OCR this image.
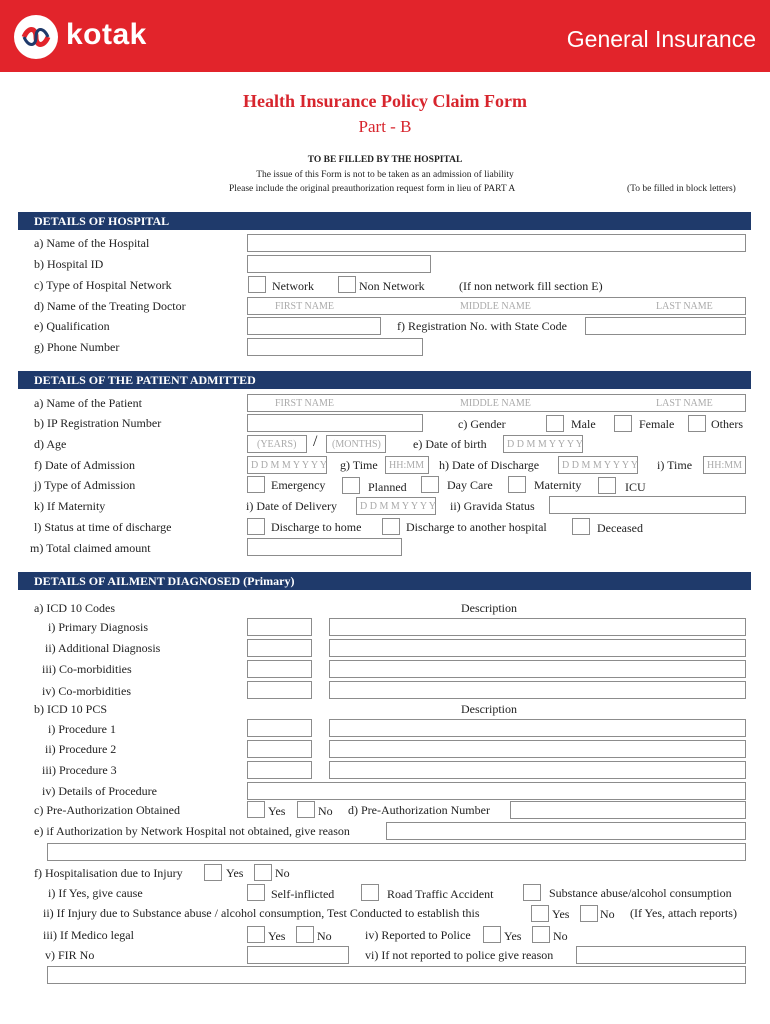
kotak	General Insurance
Health Insurance Policy Claim Form
Part - B
TO BE FILLED BY THE HOSPITAL
The issue of this Form is not to be taken as an admission of liability
Please include the original preauthorization request form in lieu of PART A	(To be filled in block letters)
DETAILS OF HOSPITAL
a) Name of the Hospital
b) Hospital ID
c) Type of Hospital Network	Network	Non Network	(If non network fill section E)
d) Name of the Treating Doctor	FIRST NAME	MIDDLE NAME	LAST NAME
e) Qualification	f) Registration No. with State Code
g) Phone Number
DETAILS OF THE PATIENT ADMITTED
a) Name of the Patient	FIRST NAME	MIDDLE NAME	LAST NAME
b) IP Registration Number	c) Gender	Male	Female	Others
d) Age	(YEARS) / (MONTHS)	e) Date of birth D D M M Y Y Y Y
f) Date of Admission	D D M M Y Y Y Y g) Time HH:MM h) Date of Discharge D D M M Y Y Y Y i) Time HH:MM
j) Type of Admission	Emergency	Planned	Day Care	Maternity	ICU
k) If Maternity	i) Date of Delivery D D M M Y Y Y Y ii) Gravida Status
l) Status at time of discharge	Discharge to home	Discharge to another hospital	Deceased
m) Total claimed amount
DETAILS OF AILMENT DIAGNOSED (Primary)
a) ICD 10 Codes	Description
i) Primary Diagnosis
ii) Additional Diagnosis
iii) Co-morbidities
iv) Co-morbidities
b) ICD 10 PCS	Description
i) Procedure 1
ii) Procedure 2
iii) Procedure 3
iv) Details of Procedure
c) Pre-Authorization Obtained	Yes	No d) Pre-Authorization Number
e) if Authorization by Network Hospital not obtained, give reason
f) Hospitalisation due to Injury	Yes	No
i) If Yes, give cause	Self-inflicted	Road Traffic Accident	Substance abuse/alcohol consumption
ii) If Injury due to Substance abuse / alcohol consumption, Test Conducted to establish this	Yes	No (If Yes, attach reports)
iii) If Medico legal	Yes	No	iv) Reported to Police	Yes	No
v) FIR No	vi) If not reported to police give reason
